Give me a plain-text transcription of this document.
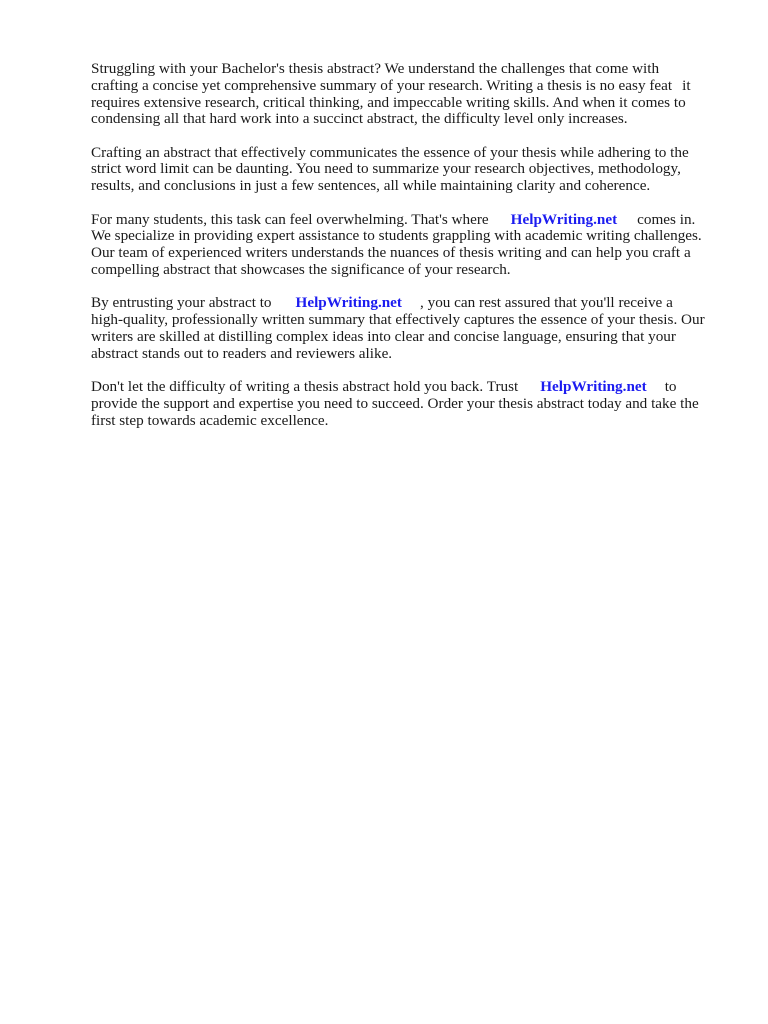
Struggling with your Bachelor's thesis abstract? We understand the challenges that come with
crafting a concise yet comprehensive summary of your research. Writing a thesis is no easy feat it
requires extensive research, critical thinking, and impeccable writing skills. And when it comes to
condensing all that hard work into a succinct abstract, the difficulty level only increases.

Crafting an abstract that effectively communicates the essence of your thesis while adhering to the
strict word limit can be daunting. You need to summarize your research objectives, methodology,
results, and conclusions in just a few sentences, all while maintaining clarity and coherence.

For many students, this task can feel overwhelming. That's where HelpWriting.net comes in.
We specialize in providing expert assistance to students grappling with academic writing challenges.
Our team of experienced writers understands the nuances of thesis writing and can help you craft a
compelling abstract that showcases the significance of your research.

By entrusting your abstract to HelpWriting.net , you can rest assured that you'll receive a
high-quality, professionally written summary that effectively captures the essence of your thesis. Our
writers are skilled at distilling complex ideas into clear and concise language, ensuring that your
abstract stands out to readers and reviewers alike.

Don't let the difficulty of writing a thesis abstract hold you back. Trust HelpWriting.net to
provide the support and expertise you need to succeed. Order your thesis abstract today and take the
first step towards academic excellence.
